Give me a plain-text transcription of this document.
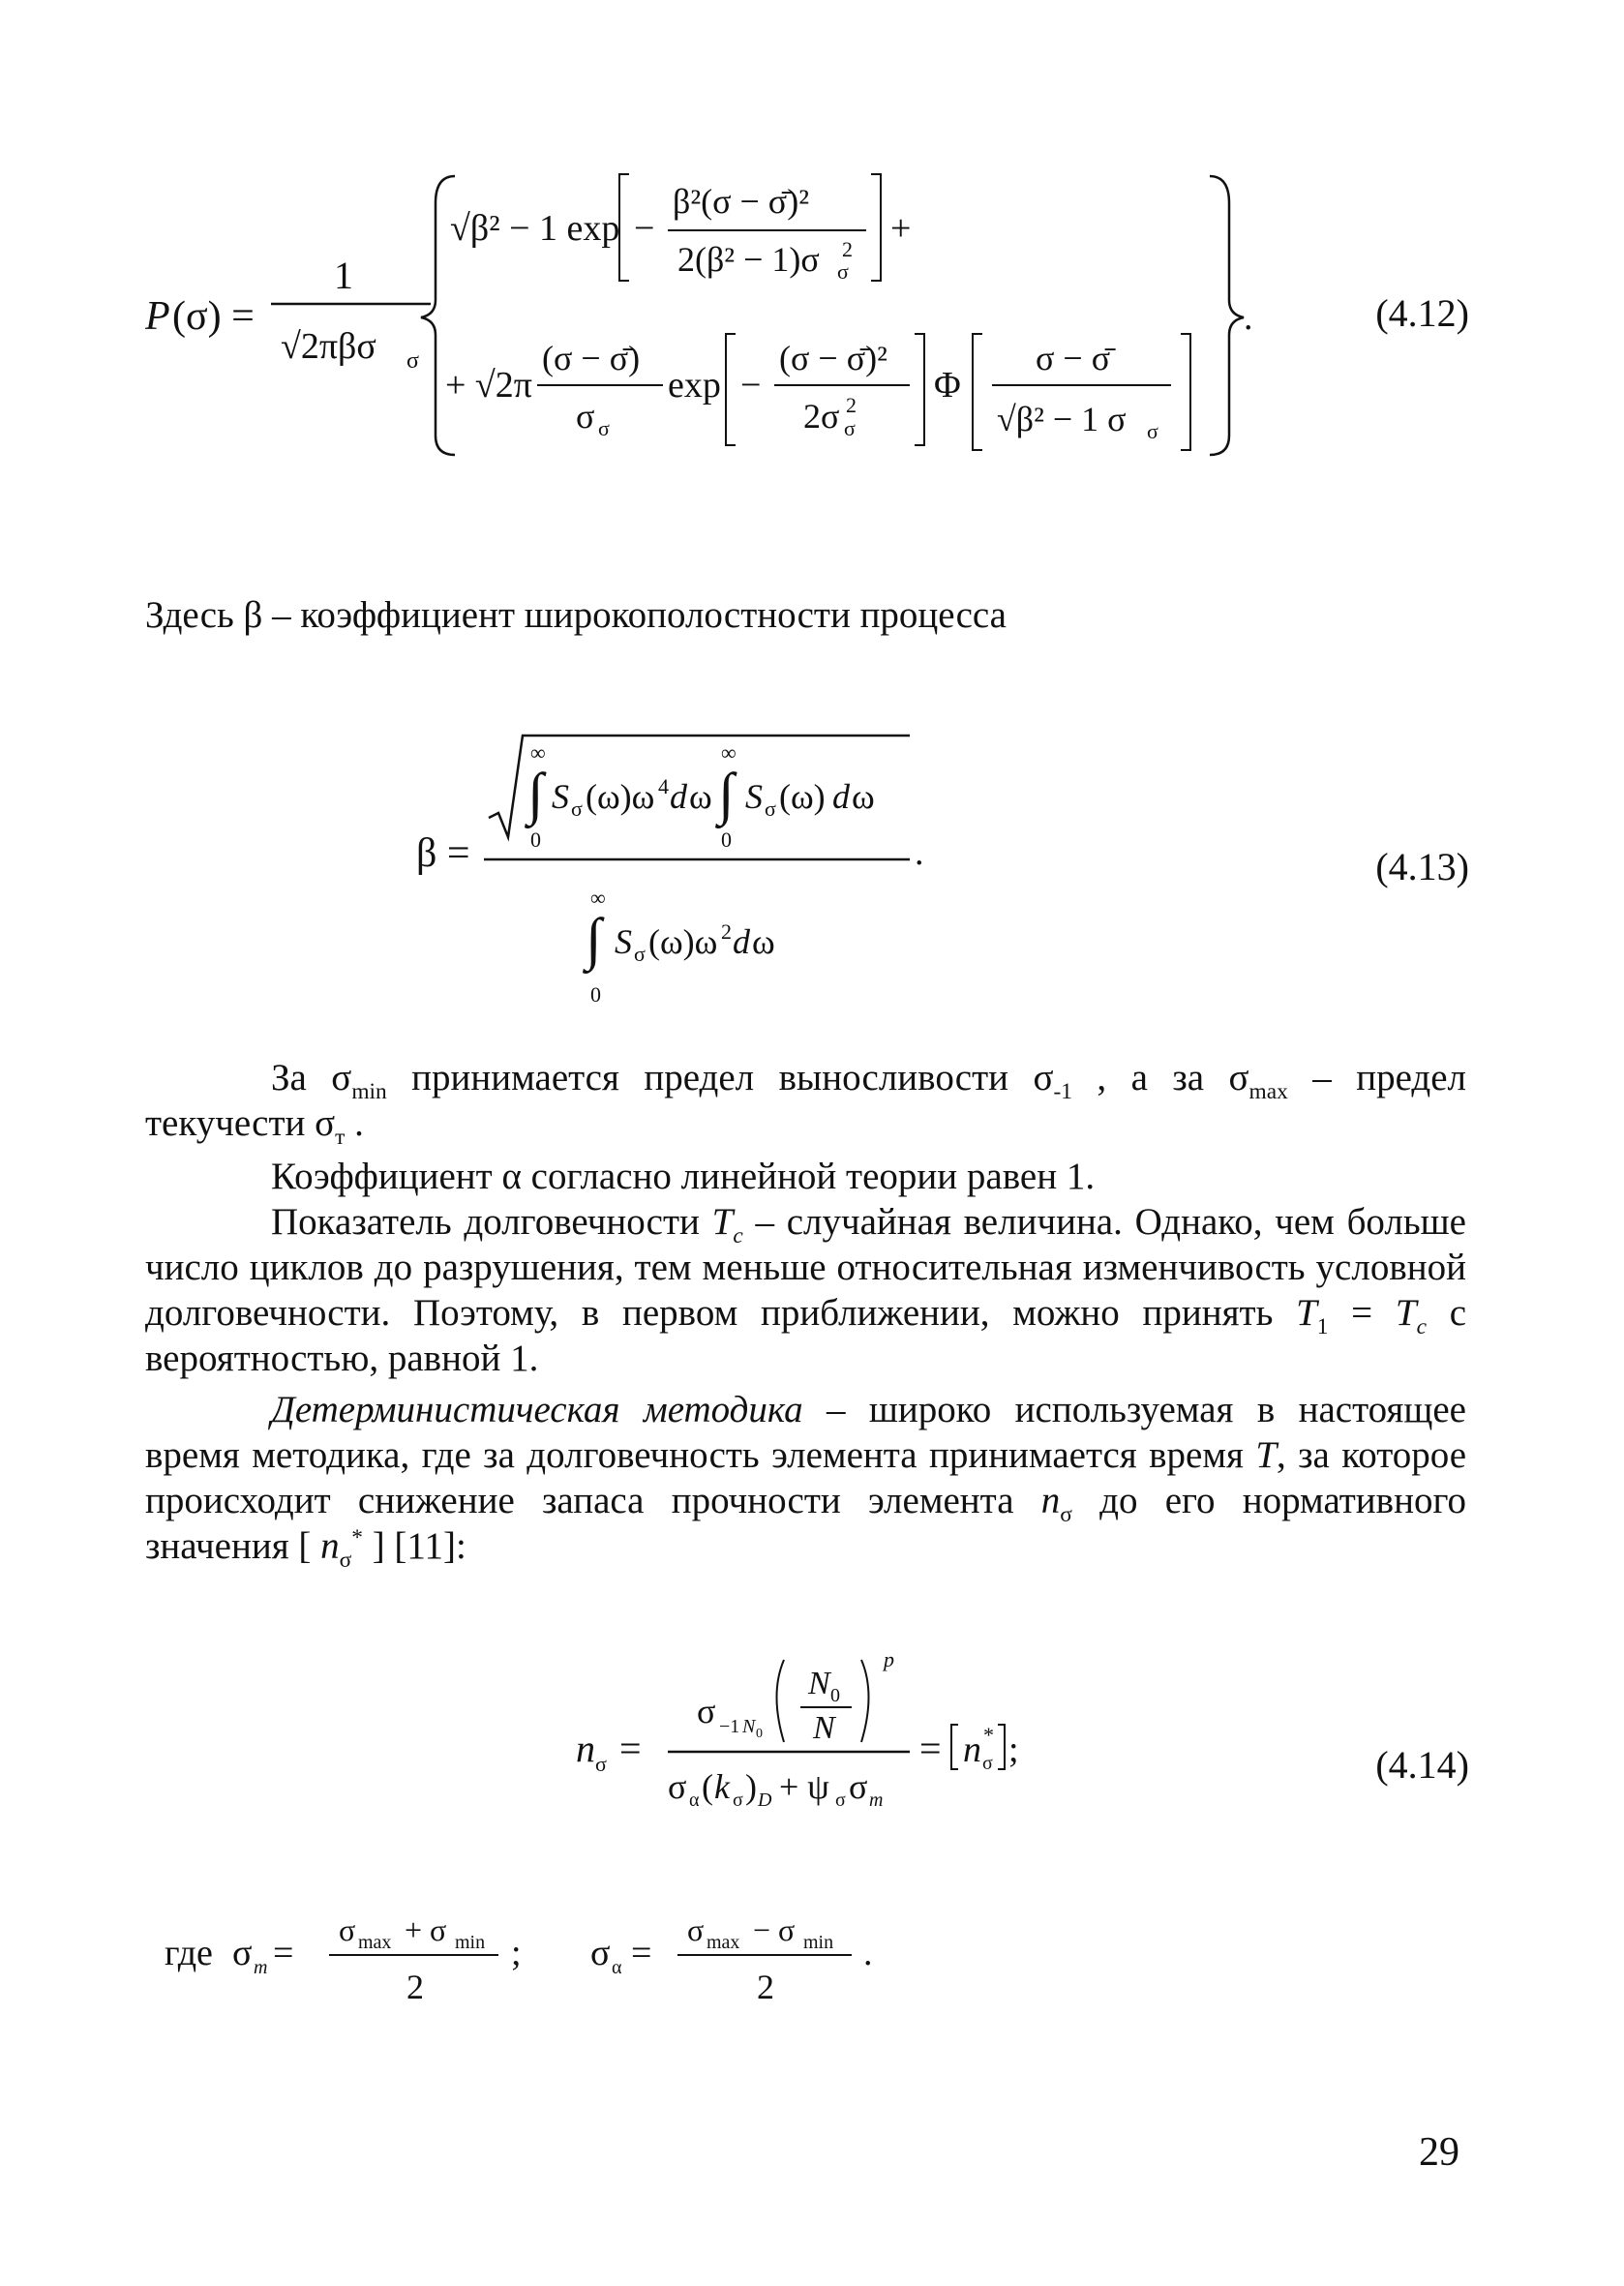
P (σ) =
1
√2πβσ σ
√β² − 1 exp −
β²(σ − σ̄)²
2(β² − 1)σ σ
2
+
+ √2π
(σ − σ̄)
σ σ
exp −
(σ − σ̄)²
2σ σ
2 Φ
σ − σ̄
√β² − 1 σ σ
.	(4.12)
Здесь β – коэффициент широкополостности процесса
β =
∞
∫
0
S σ (ω)ω 4 d ω
∞
∫
0
S σ (ω) d ω
.
∞
∫
0
S σ (ω)ω 2 d ω
(4.13)
За $\sigma_{min}$ принимается предел выносливости $\sigma_{-1}$ , а за $\sigma_{max}$ – предел текучести $\sigma_т$ .
Коэффициент α согласно линейной теории равен 1.
Показатель долговечности $T_c$ – случайная величина. Однако, чем больше число циклов до разрушения, тем меньше относительная изменчивость условной долговечности. Поэтому, в первом приближении, можно принять $T_1 = T_c$ с вероятностью, равной 1.
Детерминистическая методика – широко используемая в настоящее время методика, где за долговечность элемента принимается время T, за которое происходит снижение запаса прочности элемента $n_\sigma$ до его нормативного значения [ $n_\sigma^*$ ] [11]:
n σ =
σ −1 N 0
N 0
N
p
σ α ( k σ ) D + ψ σ σ m
= n σ
* ;	(4.14)
где σ m =
σ max + σ min
2
; σ α =
σ max − σ min
2
.
29
